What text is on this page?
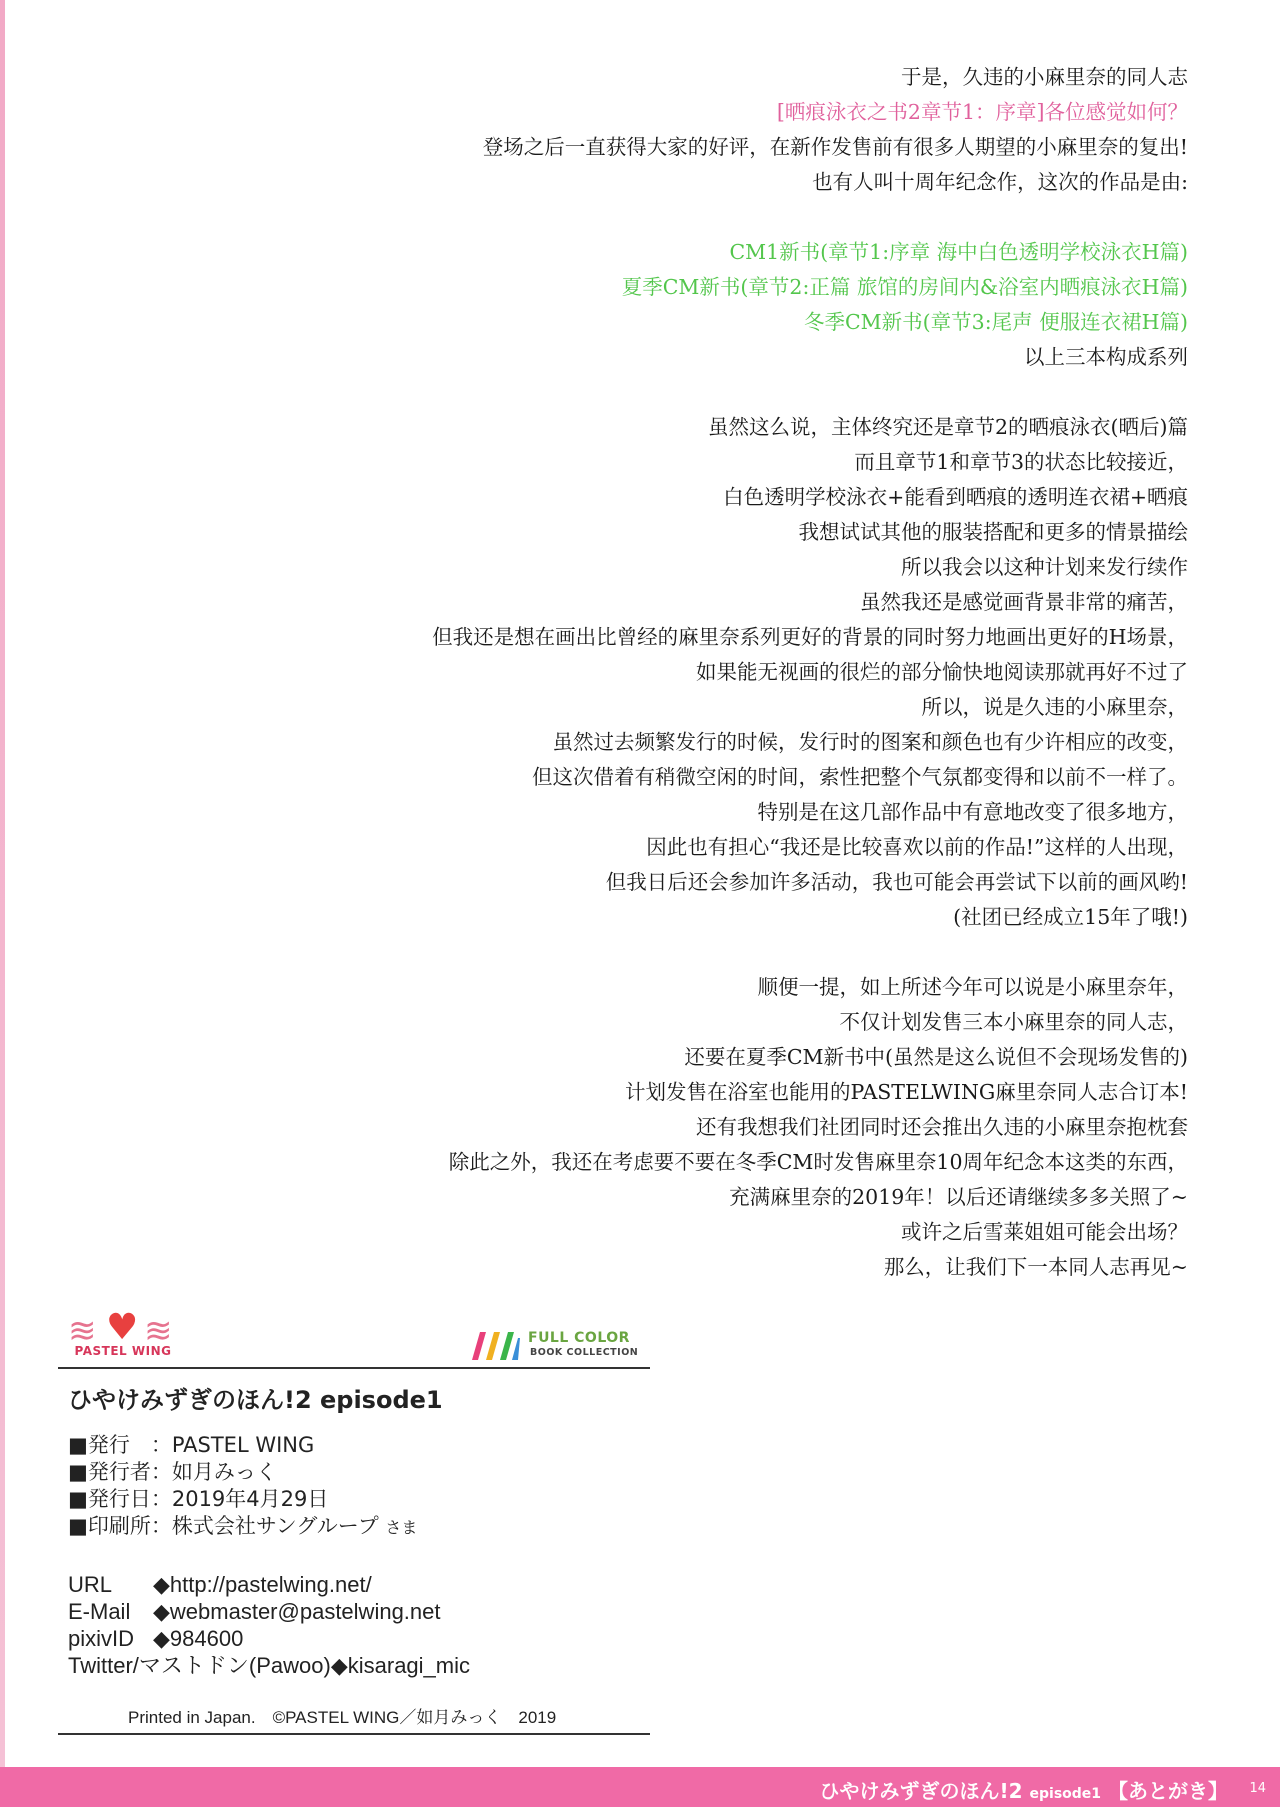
于是，久违的小麻里奈的同人志
[晒痕泳衣之书2章节1：序章]各位感觉如何？
登场之后一直获得大家的好评，在新作发售前有很多人期望的小麻里奈的复出!
也有人叫十周年纪念作，这次的作品是由:
CM1新书(章节1:序章 海中白色透明学校泳衣H篇)
夏季CM新书(章节2:正篇 旅馆的房间内&浴室内晒痕泳衣H篇)
冬季CM新书(章节3:尾声 便服连衣裙H篇)
以上三本构成系列
虽然这么说，主体终究还是章节2的晒痕泳衣(晒后)篇
而且章节1和章节3的状态比较接近，
白色透明学校泳衣+能看到晒痕的透明连衣裙+晒痕
我想试试其他的服装搭配和更多的情景描绘
所以我会以这种计划来发行续作
虽然我还是感觉画背景非常的痛苦，
但我还是想在画出比曾经的麻里奈系列更好的背景的同时努力地画出更好的H场景，
如果能无视画的很烂的部分愉快地阅读那就再好不过了
所以，说是久违的小麻里奈，
虽然过去频繁发行的时候，发行时的图案和颜色也有少许相应的改变，
但这次借着有稍微空闲的时间，索性把整个气氛都变得和以前不一样了。
特别是在这几部作品中有意地改变了很多地方，
因此也有担心“我还是比较喜欢以前的作品!”这样的人出现，
但我日后还会参加许多活动，我也可能会再尝试下以前的画风哟!
(社团已经成立15年了哦!)
顺便一提，如上所述今年可以说是小麻里奈年，
不仅计划发售三本小麻里奈的同人志，
还要在夏季CM新书中(虽然是这么说但不会现场发售的)
计划发售在浴室也能用的PASTELWING麻里奈同人志合订本!
还有我想我们社团同时还会推出久违的小麻里奈抱枕套
除此之外，我还在考虑要不要在冬季CM时发售麻里奈10周年纪念本这类的东西，
充满麻里奈的2019年！以后还请继续多多关照了~
或许之后雪莱姐姐可能会出场？
那么，让我们下一本同人志再见~
≋ ♥ ≋
PASTEL WING
FULL COLOR
BOOK COLLECTION
ひやけみずぎのほん!2 episode1
■発行　：PASTEL WING
■発行者：如月みっく
■発行日：2019年4月29日
■印刷所：株式会社サングループ さま
URL ◆http://pastelwing.net/
E-Mail ◆webmaster@pastelwing.net
pixivID ◆984600
Twitter/マストドン(Pawoo)◆kisaragi_mic
Printed in Japan.　©PASTEL WING／如月みっく　2019
ひやけみずぎのほん!2 episode1 【あとがき】 14
